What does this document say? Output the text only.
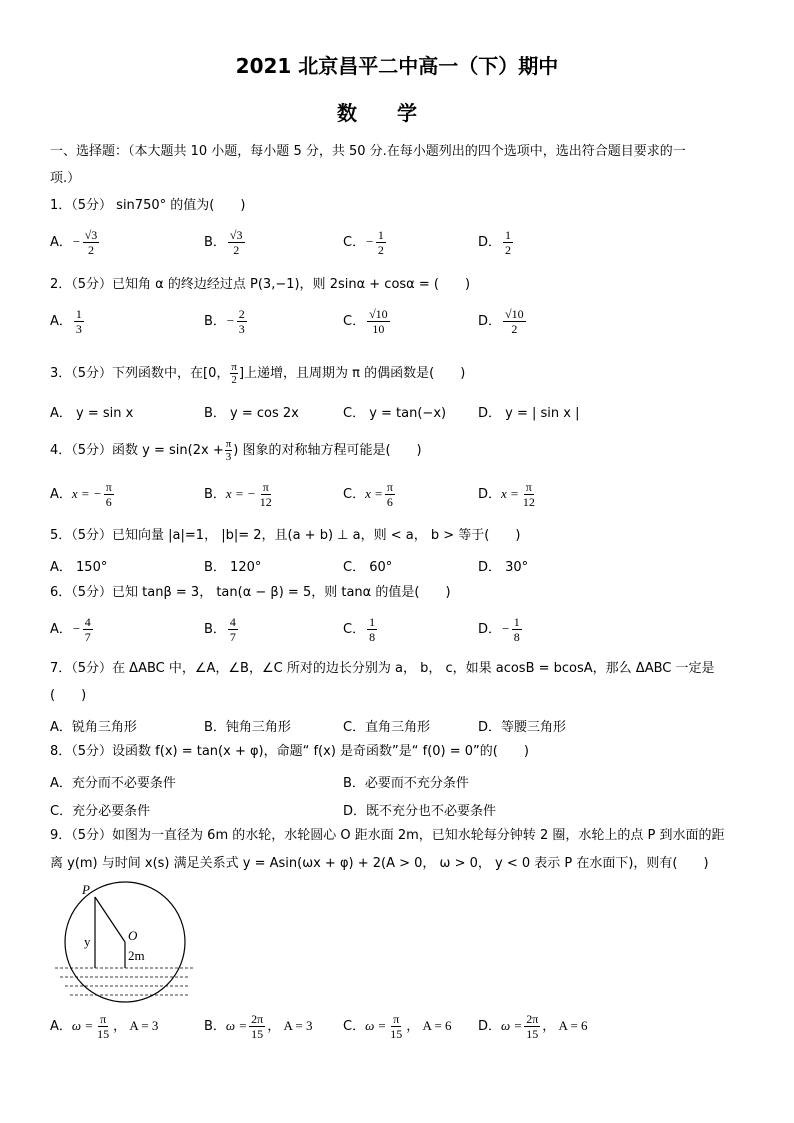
2021 北京昌平二中高一（下）期中
数学
一、选择题：（本大题共 10 小题，每小题 5 分，共 50 分.在每小题列出的四个选项中，选出符合题目要求的一
项.）
1．（5分） sin750° 的值为(　　)
A．− $\frac{√3}{2}$	B． $\frac{√3}{2}$	C．− $\frac{1}{2}$	D． $\frac{1}{2}$
2．（5分）已知角 α 的终边经过点 P(3,−1)，则 2sinα + cosα = (　　)
A． $\frac{1}{3}$	B．− $\frac{2}{3}$	C． $\frac{√10}{10}$	D． $\frac{√10}{2}$
3．（5分）下列函数中，在[0， $\frac{\pi}{2}$ ]上递增，且周期为 π 的偶函数是(　　)
A． y = sin x	B． y = cos 2x	C． y = tan(−x) D． y = | sin x |
4．（5分）函数 $y = \sin(2x + \frac{\pi}{3}$ ) 图象的对称轴方程可能是(　　)
A．x = − $\frac{\pi}{6}$	B．x = − $\frac{\pi}{12}$	C．$x = \frac{\pi}{6}$	D．$x = \frac{\pi}{12}$
5．（5分）已知向量 |a|=1， |b|= 2，且(a + b) ⊥ a，则 < a， b > 等于(　　)
A． 150°	B． 120°	C． 60°	D． 30°
6．（5分）已知 tanβ = 3， tan(α − β) = 5，则 tanα 的值是(　　)
A．− $\frac{4}{7}$	B． $\frac{4}{7}$	C． $\frac{1}{8}$	D．− $\frac{1}{8}$
7．（5分）在 ΔABC 中，∠A，∠B，∠C 所对的边长分别为 a， b， c，如果 acosB = bcosA，那么 ΔABC 一定是
(　　)
A．锐角三角形	B．钝角三角形	C．直角三角形	D．等腰三角形
8．（5分）设函数 f(x) = tan(x + φ)，命题“ f(x) 是奇函数”是“ f(0) = 0”的(　　)
A．充分而不必要条件	B．必要而不充分条件
C．充分必要条件	D．既不充分也不必要条件
9．（5分）如图为一直径为 6m 的水轮，水轮圆心 O 距水面 2m，已知水轮每分钟转 2 圈，水轮上的点 P 到水面的距
离 y(m) 与时间 x(s) 满足关系式 y = Asin(ωx + φ) + 2(A > 0， ω > 0， y < 0 表示 P 在水面下)，则有(　　)
P
O
y
2m
A．$\omega = \frac{\pi}{15}$ ， A = 3	B．$\omega = \frac{2\pi}{15}$ ， A = 3 C．$\omega = \frac{\pi}{15}$ ， A = 6 D．$\omega = \frac{2\pi}{15}$ ， A = 6
